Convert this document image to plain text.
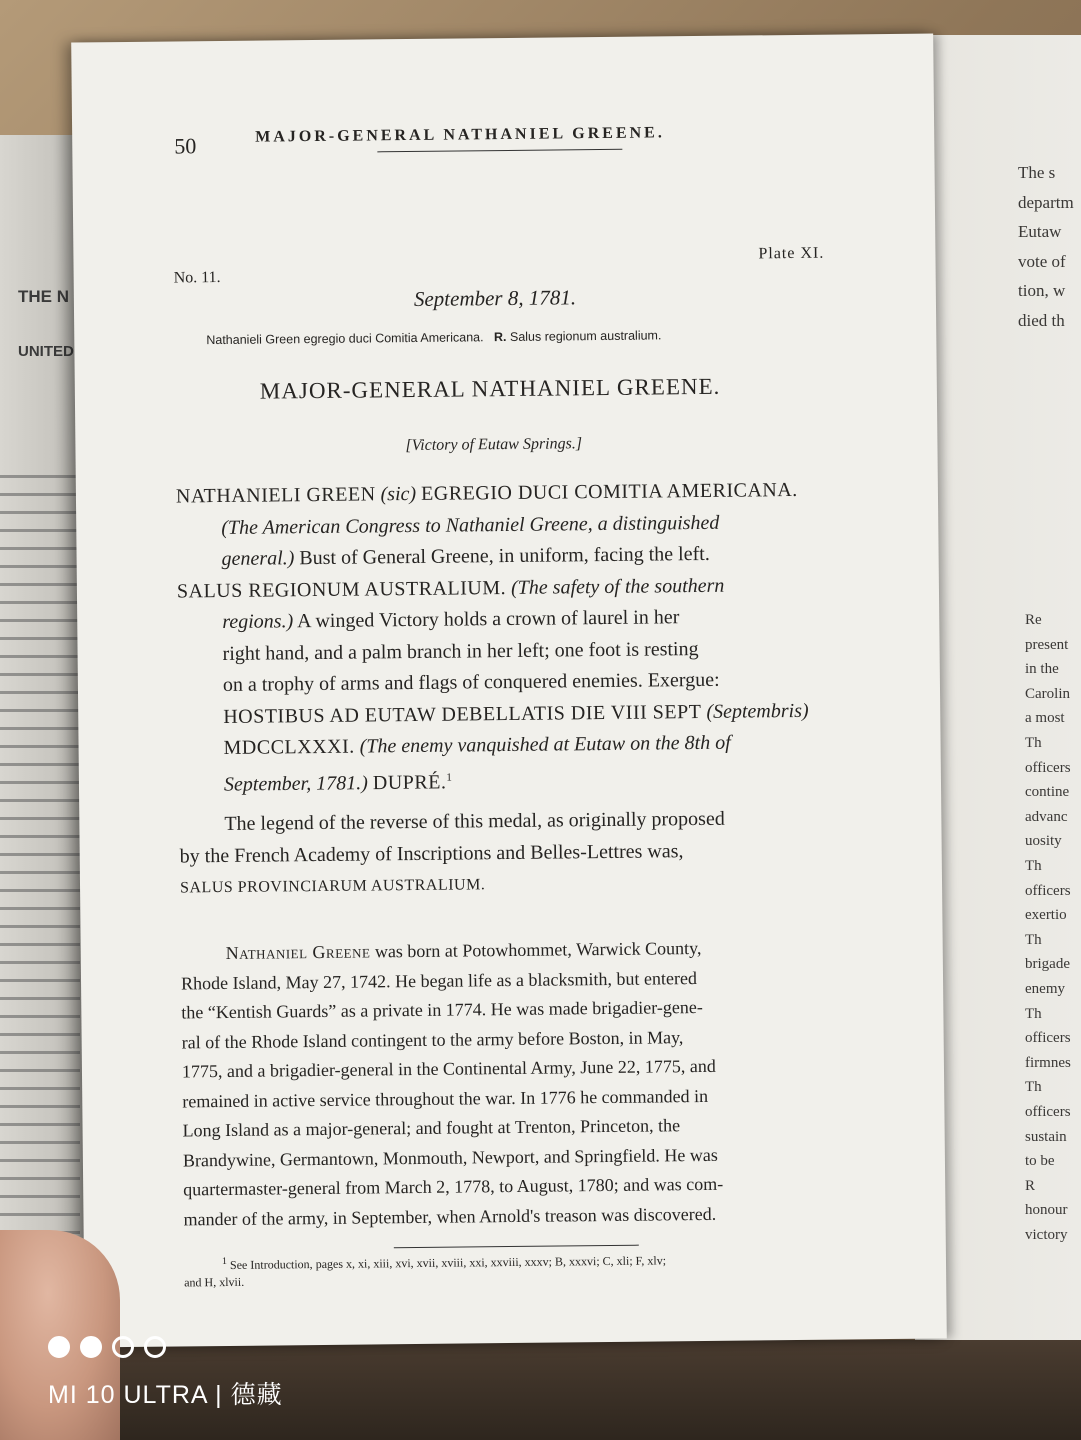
THE N
UNITED
The s
departm
Eutaw
vote of
tion, w
died th
Re
present
in the
Carolin
a most
Th
officers
contine
advanc
uosity
Th
officers
exertio
Th
brigade
enemy
Th
officers
firmnes
Th
officers
sustain
to be
R
honour
victory
50	MAJOR-GENERAL NATHANIEL GREENE.
Plate XI.
No. 11.
September 8, 1781.
Nathanieli Green egregio duci Comitia Americana. R. Salus regionum australium.
MAJOR-GENERAL NATHANIEL GREENE.
[Victory of Eutaw Springs.]
NATHANIELI GREEN (sic) EGREGIO DUCI COMITIA AMERICANA.
(The American Congress to Nathaniel Greene, a distinguished
general.) Bust of General Greene, in uniform, facing the left.
SALUS REGIONUM AUSTRALIUM. (The safety of the southern
regions.) A winged Victory holds a crown of laurel in her
right hand, and a palm branch in her left; one foot is resting
on a trophy of arms and flags of conquered enemies. Exergue:
HOSTIBUS AD EUTAW DEBELLATIS DIE VIII SEPT (Septembris)
MDCCLXXXI. (The enemy vanquished at Eutaw on the 8th of
September, 1781.) DUPRÉ.$^1$
The legend of the reverse of this medal, as originally proposed
by the French Academy of Inscriptions and Belles-Lettres was,
SALUS PROVINCIARUM AUSTRALIUM.
Nathaniel Greene was born at Potowhommet, Warwick County,
Rhode Island, May 27, 1742. He began life as a blacksmith, but entered
the “Kentish Guards” as a private in 1774. He was made brigadier-gene-
ral of the Rhode Island contingent to the army before Boston, in May,
1775, and a brigadier-general in the Continental Army, June 22, 1775, and
remained in active service throughout the war. In 1776 he commanded in
Long Island as a major-general; and fought at Trenton, Princeton, the
Brandywine, Germantown, Monmouth, Newport, and Springfield. He was
quartermaster-general from March 2, 1778, to August, 1780; and was com-
mander of the army, in September, when Arnold's treason was discovered.
$^1$ See Introduction, pages x, xi, xiii, xvi, xvii, xviii, xxi, xxviii, xxxv; B, xxxvi; C, xli; F, xlv;
and H, xlvii.
MI 10 ULTRA | 德藏
